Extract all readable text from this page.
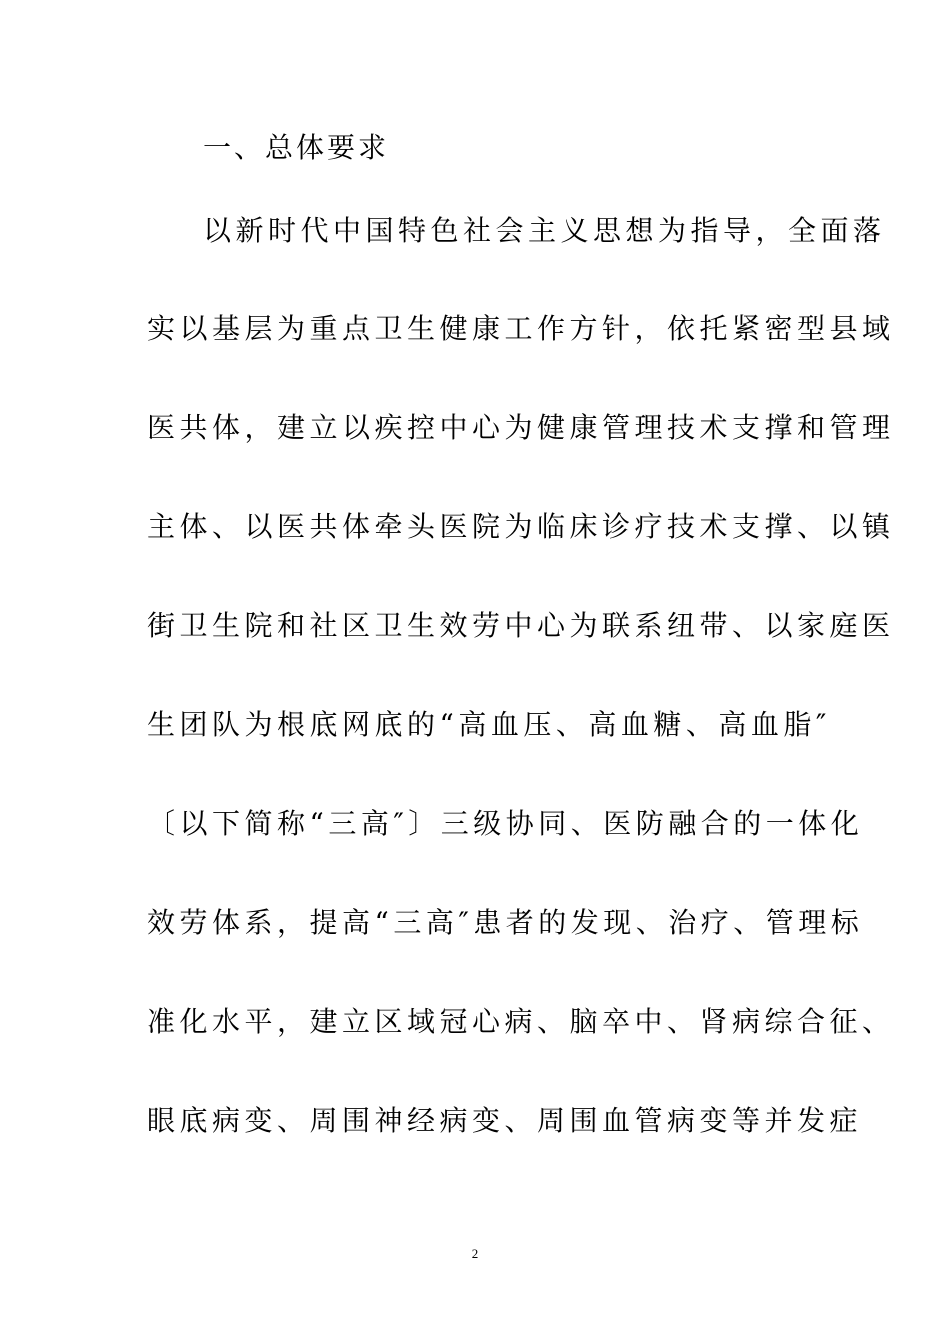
一、总体要求
以新时代中国特色社会主义思想为指导，全面落
实以基层为重点卫生健康工作方针，依托紧密型县域
医共体，建立以疾控中心为健康管理技术支撑和管理
主体、以医共体牵头医院为临床诊疗技术支撑、以镇
街卫生院和社区卫生效劳中心为联系纽带、以家庭医
生团队为根底网底的“高血压、高血糖、高血脂″
〔以下简称“三高″〕三级协同、医防融合的一体化
效劳体系，提高“三高″患者的发现、治疗、管理标
准化水平，建立区域冠心病、脑卒中、肾病综合征、
眼底病变、周围神经病变、周围血管病变等并发症
2
